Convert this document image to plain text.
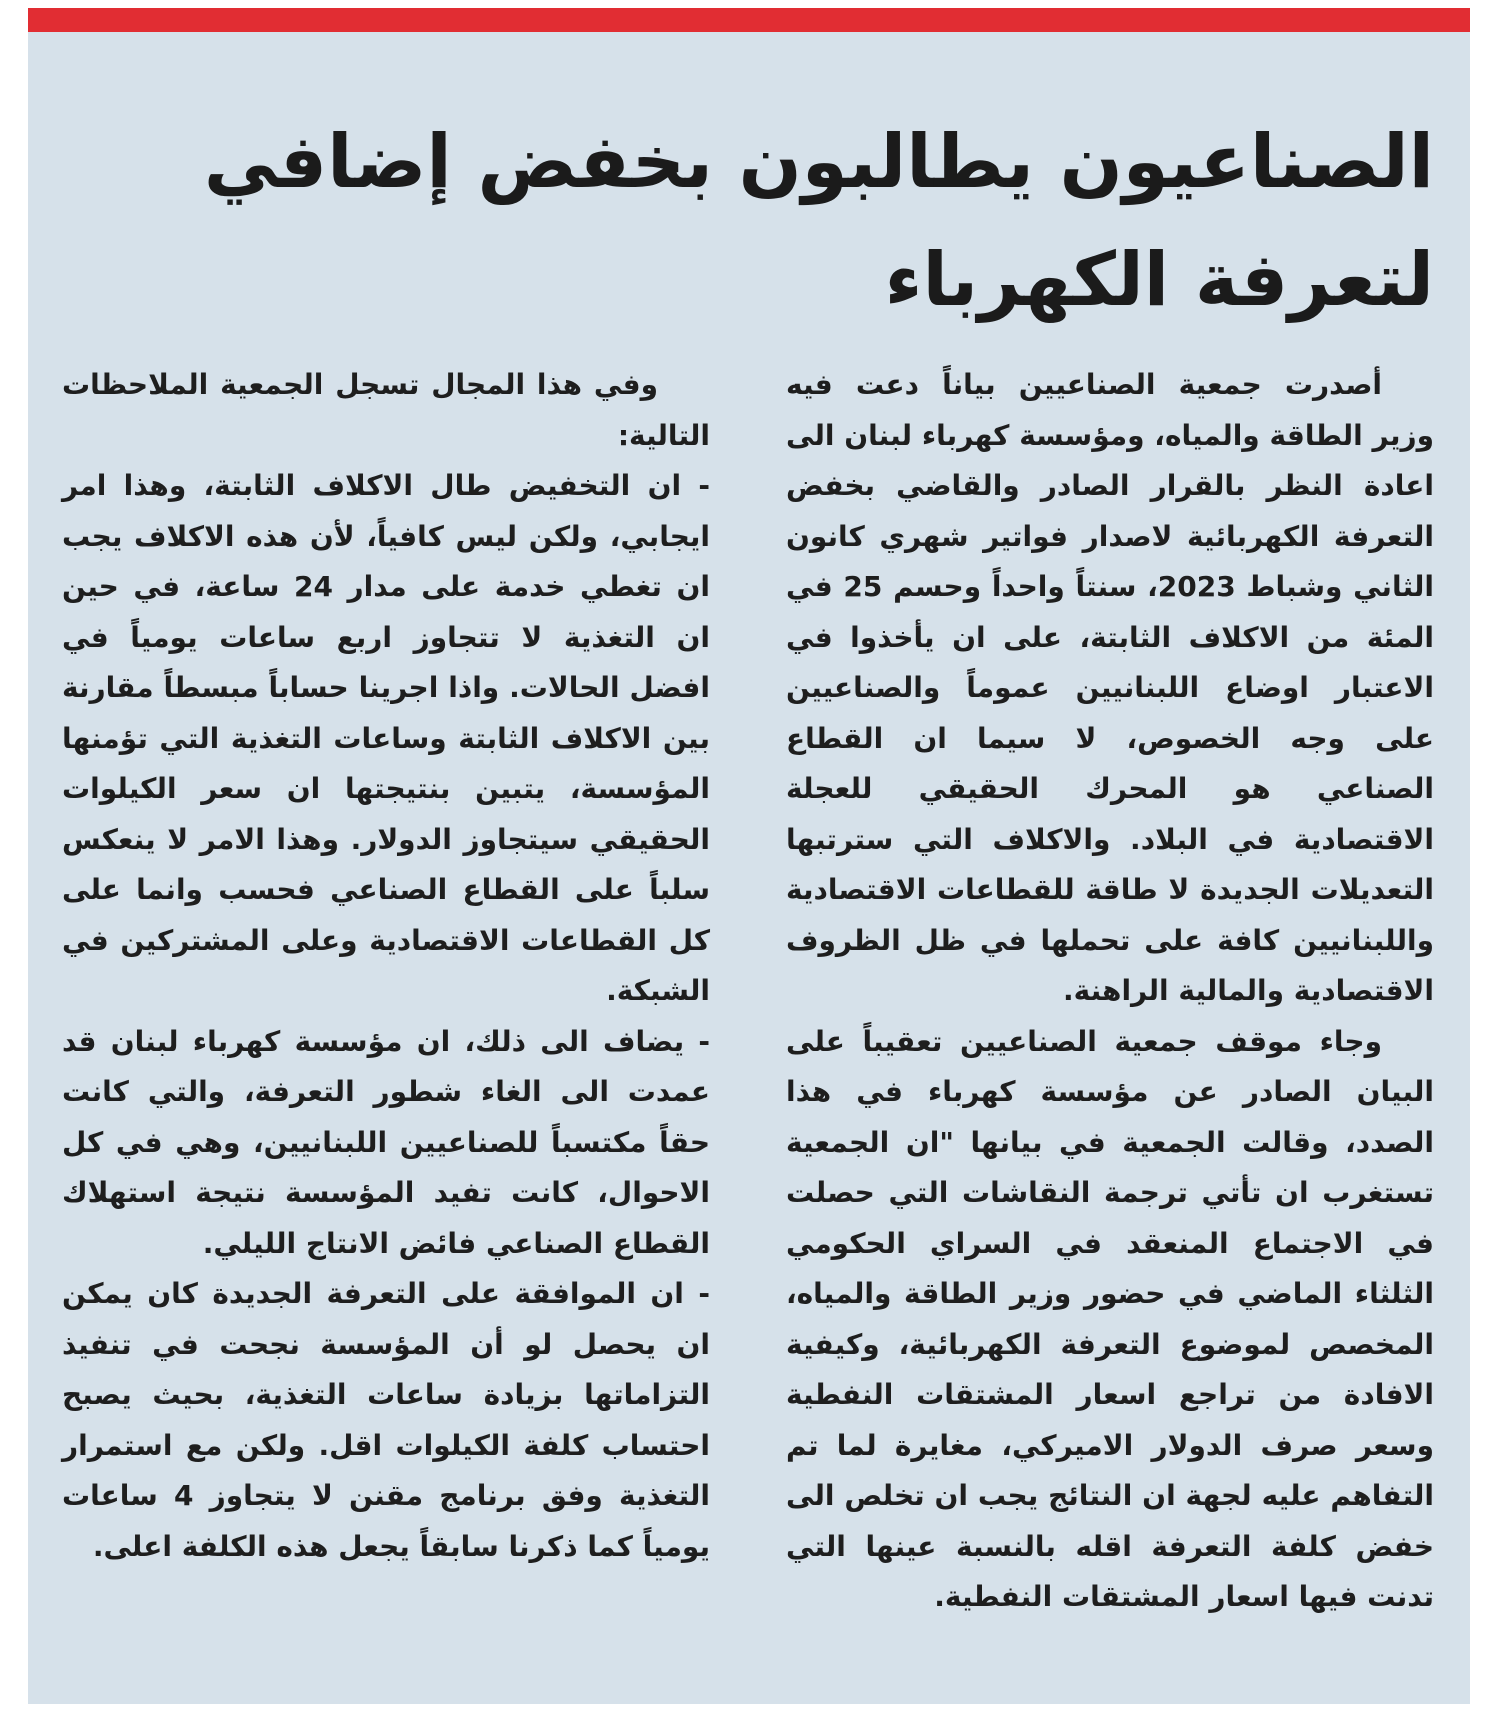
الصناعيون يطالبون بخفض إضافي لتعرفة الكهرباء

أصدرت جمعية الصناعيين بياناً دعت فيه وزير الطاقة والمياه، ومؤسسة كهرباء لبنان الى اعادة النظر بالقرار الصادر والقاضي بخفض التعرفة الكهربائية لاصدار فواتير شهري كانون الثاني وشباط 2023، سنتاً واحداً وحسم 25 في المئة من الاكلاف الثابتة، على ان يأخذوا في الاعتبار اوضاع اللبنانيين عموماً والصناعيين على وجه الخصوص، لا سيما ان القطاع الصناعي هو المحرك الحقيقي للعجلة الاقتصادية في البلاد. والاكلاف التي سترتبها التعديلات الجديدة لا طاقة للقطاعات الاقتصادية واللبنانيين كافة على تحملها في ظل الظروف الاقتصادية والمالية الراهنة.

وجاء موقف جمعية الصناعيين تعقيباً على البيان الصادر عن مؤسسة كهرباء في هذا الصدد، وقالت الجمعية في بيانها "ان الجمعية تستغرب ان تأتي ترجمة النقاشات التي حصلت في الاجتماع المنعقد في السراي الحكومي الثلثاء الماضي في حضور وزير الطاقة والمياه، المخصص لموضوع التعرفة الكهربائية، وكيفية الافادة من تراجع اسعار المشتقات النفطية وسعر صرف الدولار الاميركي، مغايرة لما تم التفاهم عليه لجهة ان النتائج يجب ان تخلص الى خفض كلفة التعرفة اقله بالنسبة عينها التي تدنت فيها اسعار المشتقات النفطية.

وفي هذا المجال تسجل الجمعية الملاحظات التالية:

- ان التخفيض طال الاكلاف الثابتة، وهذا امر ايجابي، ولكن ليس كافياً، لأن هذه الاكلاف يجب ان تغطي خدمة على مدار 24 ساعة، في حين ان التغذية لا تتجاوز اربع ساعات يومياً في افضل الحالات. واذا اجرينا حساباً مبسطاً مقارنة بين الاكلاف الثابتة وساعات التغذية التي تؤمنها المؤسسة، يتبين بنتيجتها ان سعر الكيلوات الحقيقي سيتجاوز الدولار. وهذا الامر لا ينعكس سلباً على القطاع الصناعي فحسب وانما على كل القطاعات الاقتصادية وعلى المشتركين في الشبكة.

- يضاف الى ذلك، ان مؤسسة كهرباء لبنان قد عمدت الى الغاء شطور التعرفة، والتي كانت حقاً مكتسباً للصناعيين اللبنانيين، وهي في كل الاحوال، كانت تفيد المؤسسة نتيجة استهلاك القطاع الصناعي فائض الانتاج الليلي.

- ان الموافقة على التعرفة الجديدة كان يمكن ان يحصل لو أن المؤسسة نجحت في تنفيذ التزاماتها بزيادة ساعات التغذية، بحيث يصبح احتساب كلفة الكيلوات اقل. ولكن مع استمرار التغذية وفق برنامج مقنن لا يتجاوز 4 ساعات يومياً كما ذكرنا سابقاً يجعل هذه الكلفة اعلى.
